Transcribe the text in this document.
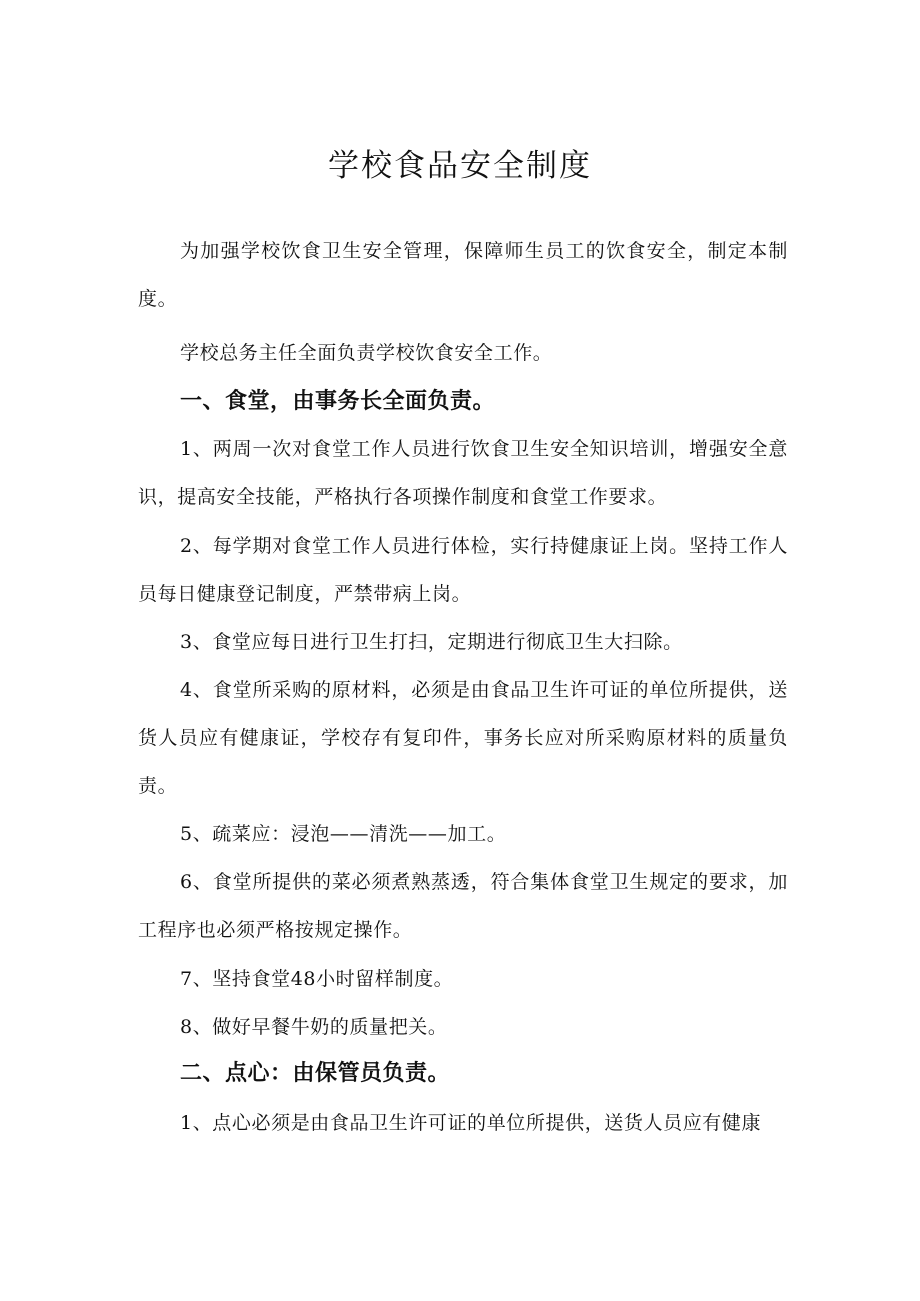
学校食品安全制度

为加强学校饮食卫生安全管理，保障师生员工的饮食安全，制定本制度。

学校总务主任全面负责学校饮食安全工作。

一、食堂，由事务长全面负责。

1、两周一次对食堂工作人员进行饮食卫生安全知识培训，增强安全意识，提高安全技能，严格执行各项操作制度和食堂工作要求。

2、每学期对食堂工作人员进行体检，实行持健康证上岗。坚持工作人员每日健康登记制度，严禁带病上岗。

3、食堂应每日进行卫生打扫，定期进行彻底卫生大扫除。

4、食堂所采购的原材料，必须是由食品卫生许可证的单位所提供，送货人员应有健康证，学校存有复印件，事务长应对所采购原材料的质量负责。

5、疏菜应：浸泡——清洗——加工。

6、食堂所提供的菜必须煮熟蒸透，符合集体食堂卫生规定的要求，加工程序也必须严格按规定操作。

7、坚持食堂48小时留样制度。

8、做好早餐牛奶的质量把关。

二、点心：由保管员负责。

1、点心必须是由食品卫生许可证的单位所提供，送货人员应有健康
